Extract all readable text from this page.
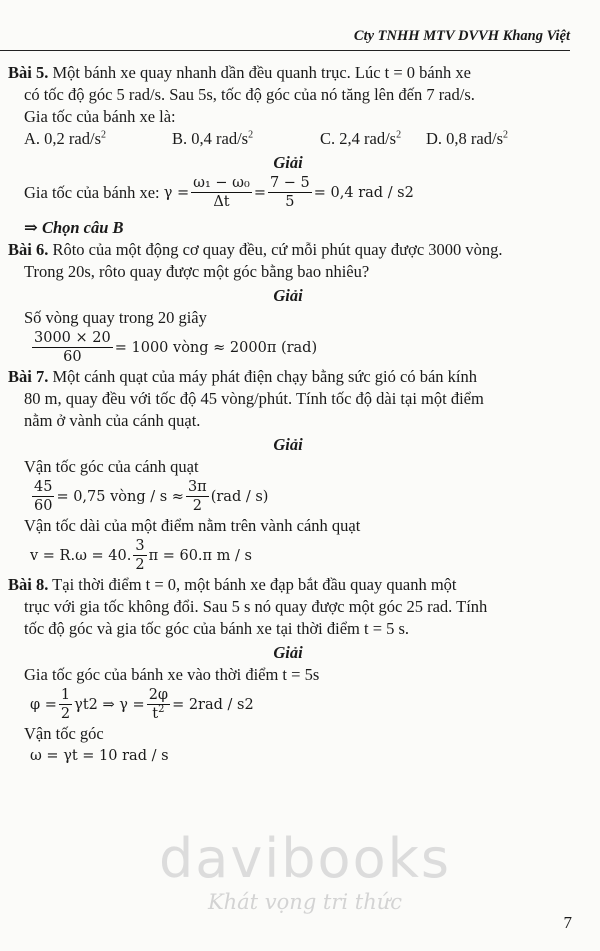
Cty TNHH MTV DVVH Khang Việt

Bài 5. Một bánh xe quay nhanh dần đều quanh trục. Lúc t = 0 bánh xe

có tốc độ góc 5 rad/s. Sau 5s, tốc độ góc của nó tăng lên đến 7 rad/s.

Gia tốc của bánh xe là:

A. 0,2 rad/$s^2$	B. 0,4 rad/$s^2$	C. 2,4 rad/$s^2$	D. 0,8 rad/$s^2$

Giải

Gia tốc của bánh xe:
$\gamma = \frac{\text{ω₁ − ω₀}}{\Delta t} = \frac{7 - 5}{5} = 0,4$ rad / s 2

⇒ Chọn câu B

Bài 6. Rôto của một động cơ quay đều, cứ mỗi phút quay được 3000 vòng.

Trong 20s, rôto quay được một góc bằng bao nhiêu?

Giải

Số vòng quay trong 20 giây

$\frac{3000 \times 20}{60} = 1000$ vòng ≈ 2000π (rad)

Bài 7. Một cánh quạt của máy phát điện chạy bằng sức gió có bán kính

80 m, quay đều với tốc độ 45 vòng/phút. Tính tốc độ dài tại một điểm

nằm ở vành của cánh quạt.

Giải

Vận tốc góc của cánh quạt

$\frac{45}{60} = 0,75$ vòng / $s \approx \frac{3\pi}{2} (rad / s)$

Vận tốc dài của một điểm nằm trên vành cánh quạt

v = R.ω = 40. $\frac{3}{2}$ π = 60.π m / s

Bài 8. Tại thời điểm t = 0, một bánh xe đạp bắt đầu quay quanh một

trục với gia tốc không đổi. Sau 5 s nó quay được một góc 25 rad. Tính

tốc độ góc và gia tốc góc của bánh xe tại thời điểm t = 5 s.

Giải

Gia tốc góc của bánh xe vào thời điểm t = 5s

$\varphi = \frac{1}{2}$ γt 2
⇒ $\gamma = \frac{2\varphi}{t^2} = 2rad / s$ 2

Vận tốc góc

ω = γt = 10 rad / s

davibooks
Khát vọng tri thức
7
